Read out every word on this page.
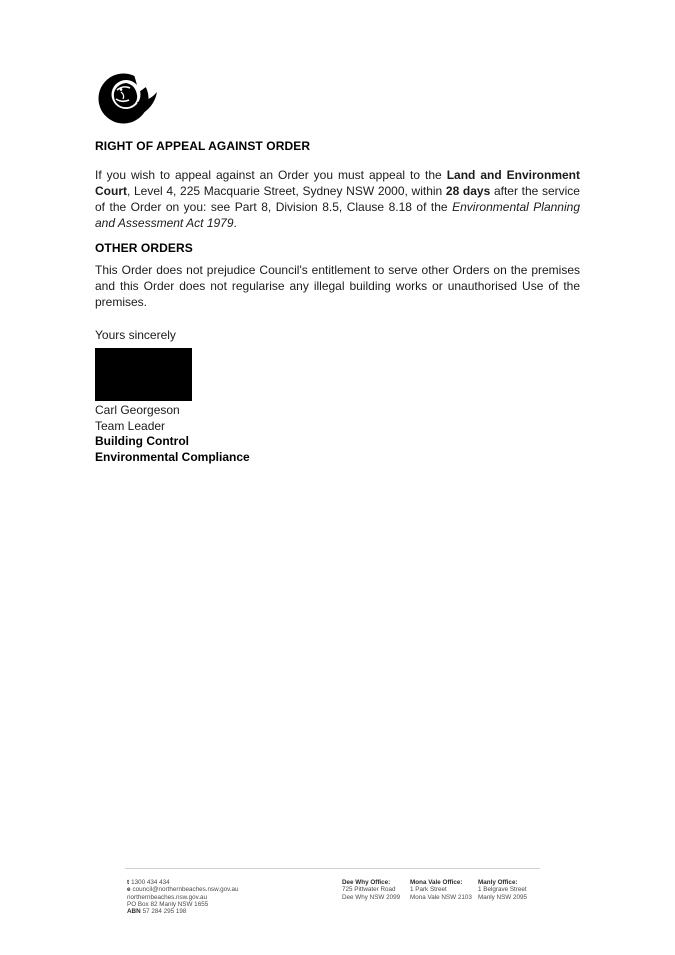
RIGHT OF APPEAL AGAINST ORDER

If you wish to appeal against an Order you must appeal to the Land and Environment Court, Level 4, 225 Macquarie Street, Sydney NSW 2000, within 28 days after the service of the Order on you: see Part 8, Division 8.5, Clause 8.18 of the Environmental Planning and Assessment Act 1979.

OTHER ORDERS

This Order does not prejudice Council's entitlement to serve other Orders on the premises and this Order does not regularise any illegal building works or unauthorised Use of the premises.

Yours sincerely
Carl Georgeson
Team Leader
Building Control
Environmental Compliance
t 1300 434 434
e council@northernbeaches.nsw.gov.au
northernbeaches.nsw.gov.au
PO Box 82 Manly NSW 1655
ABN 57 284 295 198
Dee Why Office:
725 Pittwater Road
Dee Why NSW 2099
Mona Vale Office:
1 Park Street
Mona Vale NSW 2103
Manly Office:
1 Belgrave Street
Manly NSW 2095
